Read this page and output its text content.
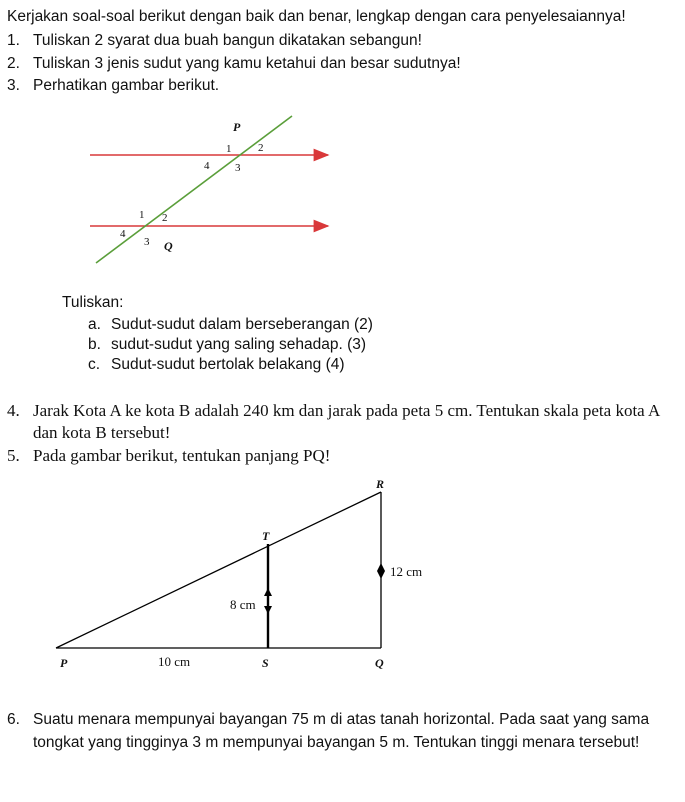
Kerjakan soal-soal berikut dengan baik dan benar, lengkap dengan cara penyelesaiannya!
1. Tuliskan 2 syarat dua buah bangun dikatakan sebangun!
2. Tuliskan 3 jenis sudut yang kamu ketahui dan besar sudutnya!
3. Perhatikan gambar berikut.
P
1 2
3
4
1 2
3
4
Q
Tuliskan:
a. Sudut-sudut dalam berseberangan (2)
b. sudut-sudut yang saling sehadap. (3)
c. Sudut-sudut bertolak belakang (4)
4. Jarak Kota A ke kota B adalah 240 km dan jarak pada peta 5 cm. Tentukan skala peta kota A
dan kota B tersebut!
5. Pada gambar berikut, tentukan panjang PQ!
R
T
P	S	Q
12 cm
8 cm
10 cm
6. Suatu menara mempunyai bayangan 75 m di atas tanah horizontal. Pada saat yang sama
tongkat yang tingginya 3 m mempunyai bayangan 5 m. Tentukan tinggi menara tersebut!
